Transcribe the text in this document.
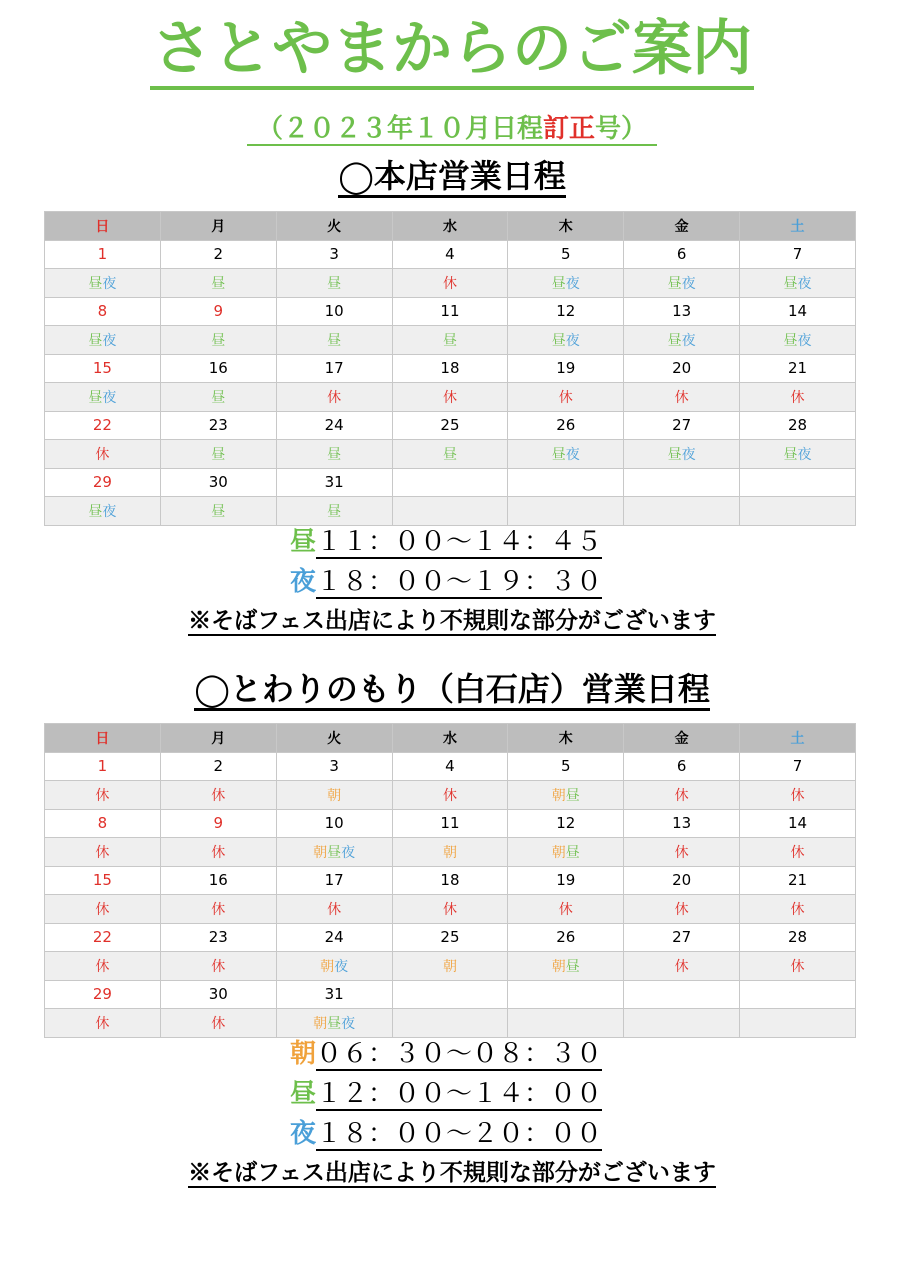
さとやまからのご案内
（２０２３年１０月日程訂正号）
◯本店営業日程
日	月	火	水	木	金	土
1	2	3	4	5	6	7
昼夜	昼	昼	休	昼夜	昼夜	昼夜
8	9	10	11	12	13	14
昼夜	昼	昼	昼	昼夜	昼夜	昼夜
15	16	17	18	19	20	21
昼夜	昼	休	休	休	休	休
22	23	24	25	26	27	28
休	昼	昼	昼	昼夜	昼夜	昼夜
29	30	31				
昼夜	昼	昼				
昼１１：００〜１４：４５
夜１８：００〜１９：３０
※そばフェス出店により不規則な部分がございます
◯とわりのもり（白石店）営業日程
日	月	火	水	木	金	土
1	2	3	4	5	6	7
休	休	朝	休	朝昼	休	休
8	9	10	11	12	13	14
休	休	朝昼夜	朝	朝昼	休	休
15	16	17	18	19	20	21
休	休	休	休	休	休	休
22	23	24	25	26	27	28
休	休	朝夜	朝	朝昼	休	休
29	30	31				
休	休	朝昼夜				
朝０６：３０〜０８：３０
昼１２：００〜１４：００
夜１８：００〜２０：００
※そばフェス出店により不規則な部分がございます
